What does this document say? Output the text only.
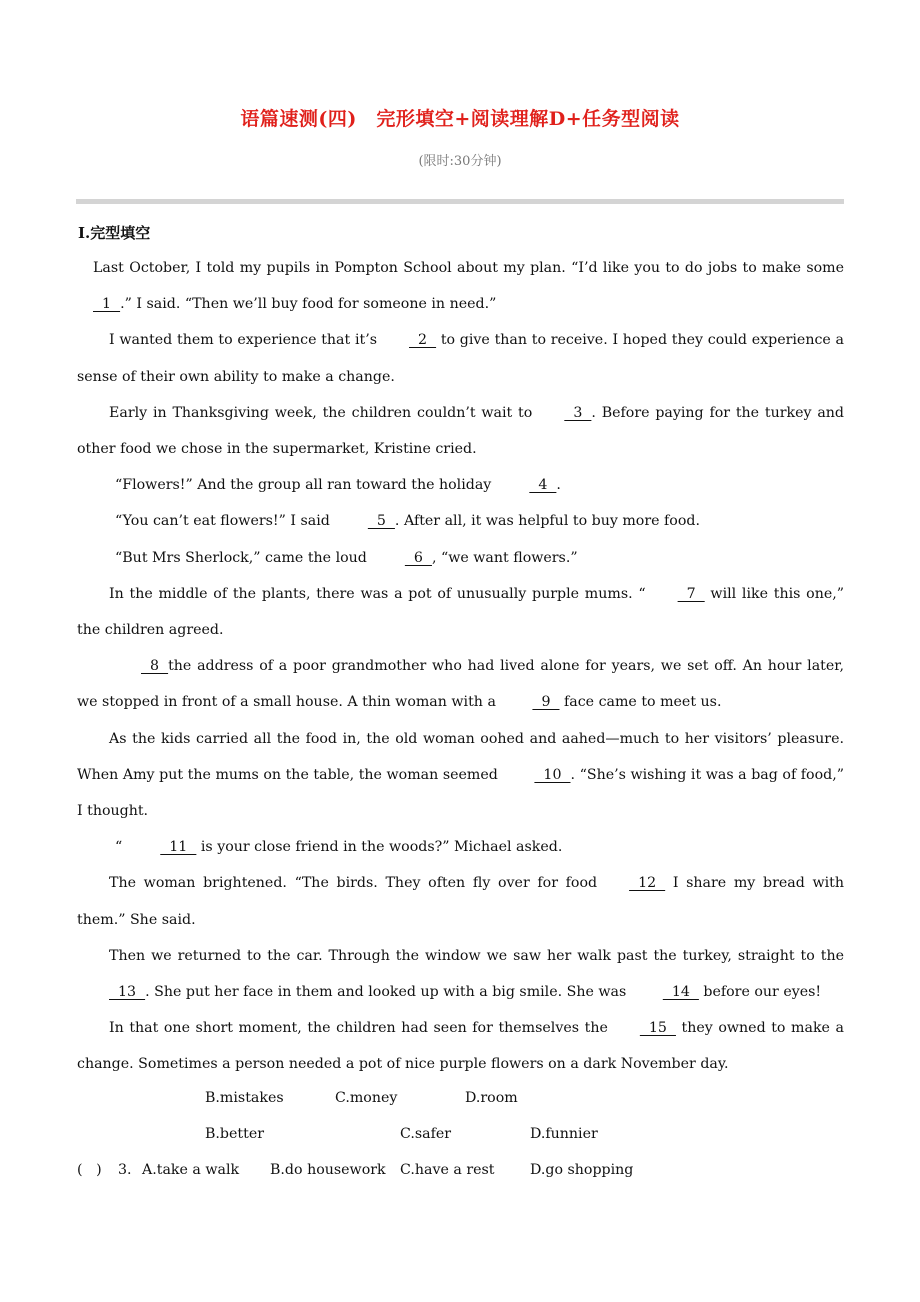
语篇速测(四)　完形填空+阅读理解D+任务型阅读
(限时:30分钟)
Ⅰ.完型填空

Last October, I told my pupils in Pompton School about my plan. “I’d like you to do jobs to make some  1  .” I said. “Then we’ll buy food for someone in need.”

I wanted them to experience that it’s  2   to give than to receive. I hoped they could experience a sense of their own ability to make a change.

Early in Thanksgiving week, the children couldn’t wait to  3  . Before paying for the turkey and other food we chose in the supermarket, Kristine cried.

“Flowers!” And the group all ran toward the holiday	4  .

“You can’t eat flowers!” I said	5  . After all, it was helpful to buy more food.

“But Mrs Sherlock,” came the loud	6  , “we want flowers.”

In the middle of the plants, there was a pot of unusually purple mums. “  7   will like this one,” the children agreed.

8  the address of a poor grandmother who had lived alone for years, we set off. An hour later, we stopped in front of a small house. A thin woman with a   9   face came to meet us.

As the kids carried all the food in, the old woman oohed and aahed—much to her visitors’ pleasure. When Amy put the mums on the table, the woman seemed   10  . “She’s wishing it was a bag of food,” I thought.

“	11   is your close friend in the woods?” Michael asked.

The woman brightened. “The birds. They often fly over for food  12   I share my bread with them.” She said.

Then we returned to the car. Through the window we saw her walk past the turkey, straight to the  13  . She put her face in them and looked up with a big smile. She was   14   before our eyes!

In that one short moment, the children had seen for themselves the  15   they owned to make a change. Sometimes a person needed a pot of nice purple flowers on a dark November day.

B.mistakes

	C.money

	D.room

B.better

	C.safer

	D.funnier

(   )

3.

A.take a walk

B.do housework

C.have a rest

D.go shopping
